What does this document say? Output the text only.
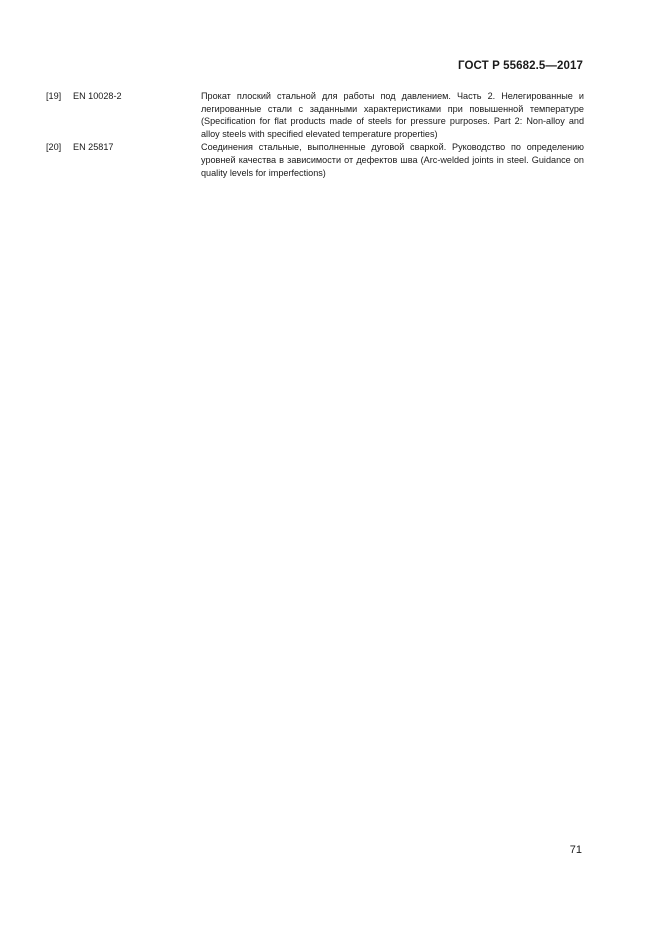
ГОСТ Р 55682.5—2017
[19]	EN 10028-2	Прокат плоский стальной для работы под давлением. Часть 2. Нелегированные и легированные стали с заданными характеристиками при повышенной температуре (Specification for flat products made of steels for pressure purposes. Part 2: Non-alloy and alloy steels with specified elevated temperature properties)
[20]	EN 25817	Соединения стальные, выполненные дуговой сваркой. Руководство по определению уровней качества в зависимости от дефектов шва (Arc-welded joints in steel. Guidance on quality levels for imperfections)
71
